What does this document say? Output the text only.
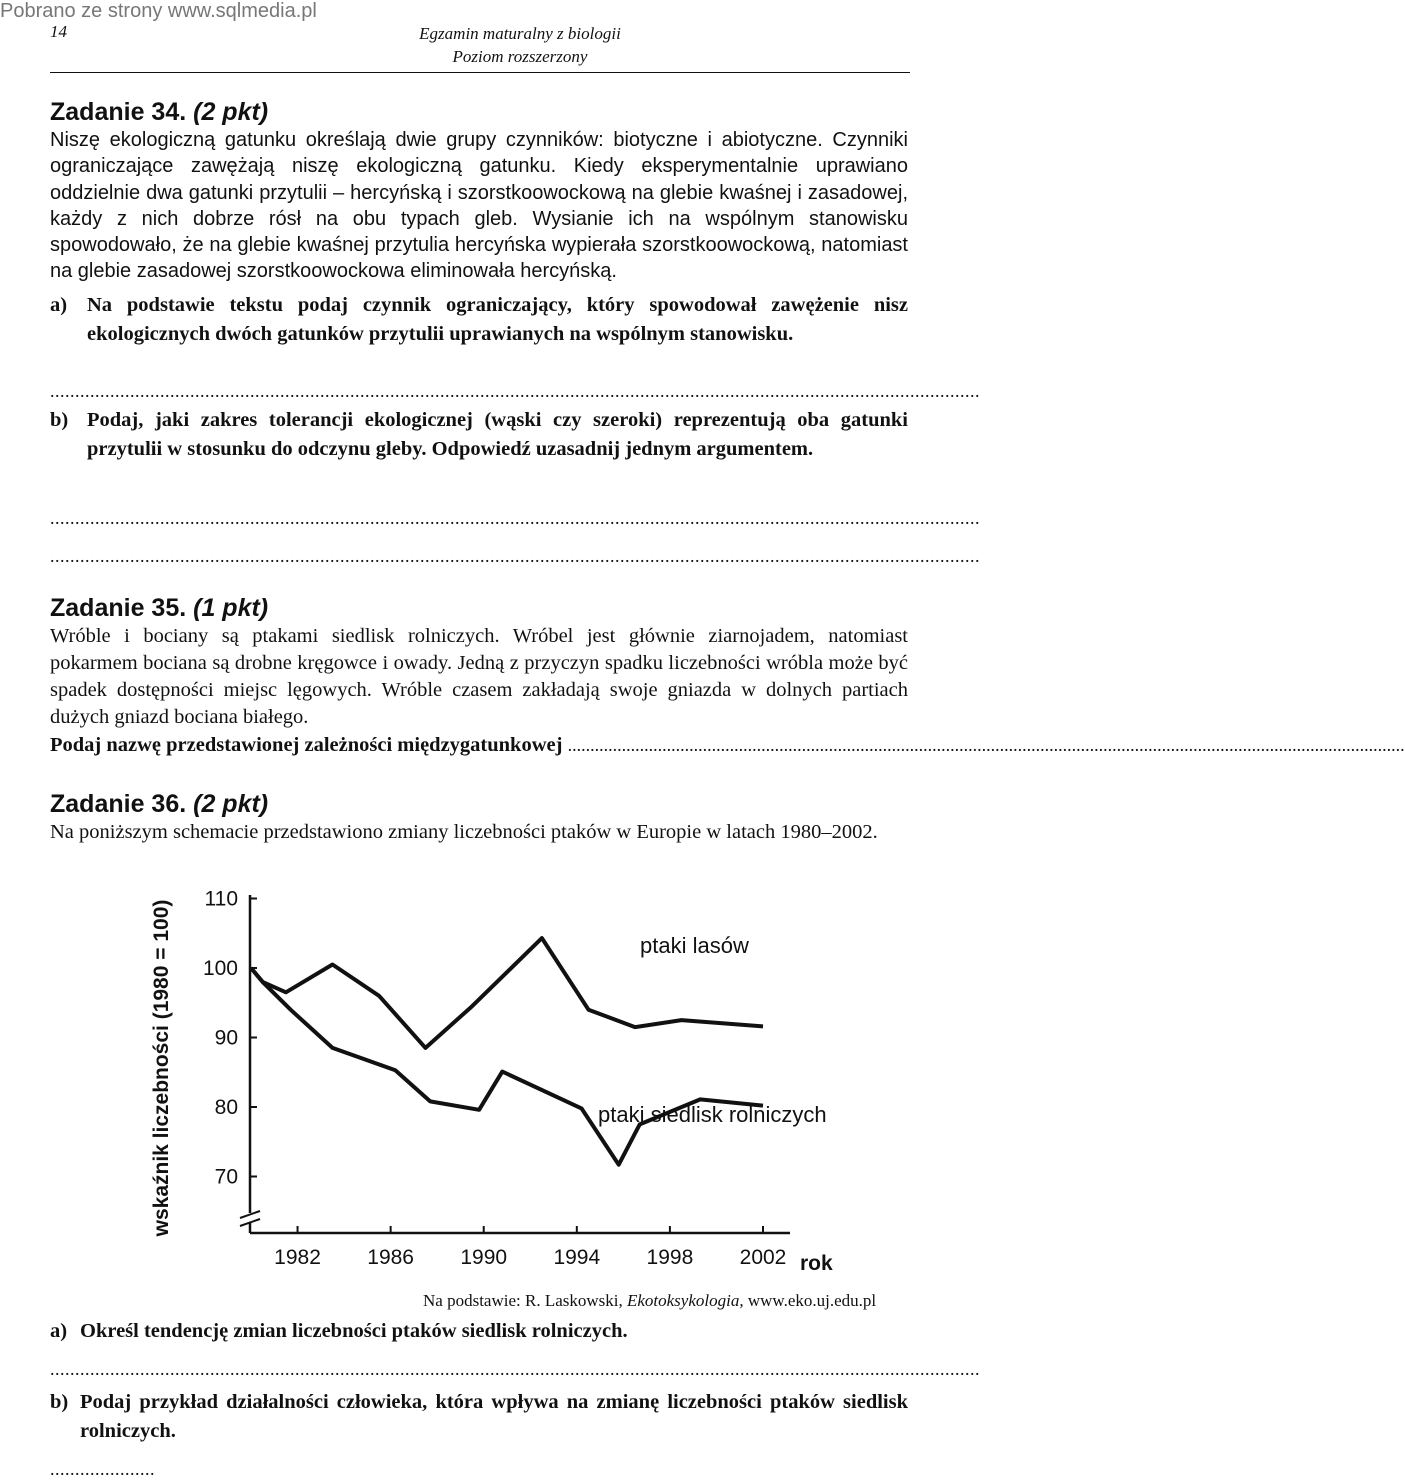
Pobrano ze strony www.sqlmedia.pl
14	Egzamin maturalny z biologii
Poziom rozszerzony
Zadanie 34. (2 pkt)

Niszę ekologiczną gatunku określają dwie grupy czynników: biotyczne i abiotyczne. Czynniki ograniczające zawężają niszę ekologiczną gatunku. Kiedy eksperymentalnie uprawiano oddzielnie dwa gatunki przytulii – hercyńską i szorstkoowockową na glebie kwaśnej i zasadowej, każdy z nich dobrze rósł na obu typach gleb. Wysianie ich na wspólnym stanowisku spowodowało, że na glebie kwaśnej przytulia hercyńska wypierała szorstkoowockową, natomiast na glebie zasadowej szorstkoowockowa eliminowała hercyńską.

a) Na podstawie tekstu podaj czynnik ograniczający, który spowodował zawężenie nisz ekologicznych dwóch gatunków przytulii uprawianych na wspólnym stanowisku.
..........................................................................................................................................................................................
b) Podaj, jaki zakres tolerancji ekologicznej (wąski czy szeroki) reprezentują oba gatunki przytulii w stosunku do odczynu gleby. Odpowiedź uzasadnij jednym argumentem.
..........................................................................................................................................................................................
..........................................................................................................................................................................................
Zadanie 35. (1 pkt)

Wróble i bociany są ptakami siedlisk rolniczych. Wróbel jest głównie ziarnojadem, natomiast pokarmem bociana są drobne kręgowce i owady. Jedną z przyczyn spadku liczebności wróbla może być spadek dostępności miejsc lęgowych. Wróble czasem zakładają swoje gniazda w dolnych partiach dużych gniazd bociana białego.

Podaj nazwę przedstawionej zależności międzygatunkowej ..........................................................................................................................................................................................
Zadanie 36. (2 pkt)

Na poniższym schemacie przedstawiono zmiany liczebności ptaków w Europie w latach 1980–2002.

110
100
90
80
70
1982 1986 1990 1994 1998 2002 rok
wskaźnik liczebności (1980 = 100)	ptaki lasów
ptaki siedlisk rolniczych
Na podstawie: R. Laskowski, Ekotoksykologia, www.eko.uj.edu.pl
a) Określ tendencję zmian liczebności ptaków siedlisk rolniczych.
..........................................................................................................................................................................................
b) Podaj przykład działalności człowieka, która wpływa na zmianę liczebności ptaków siedlisk rolniczych.
.....................
